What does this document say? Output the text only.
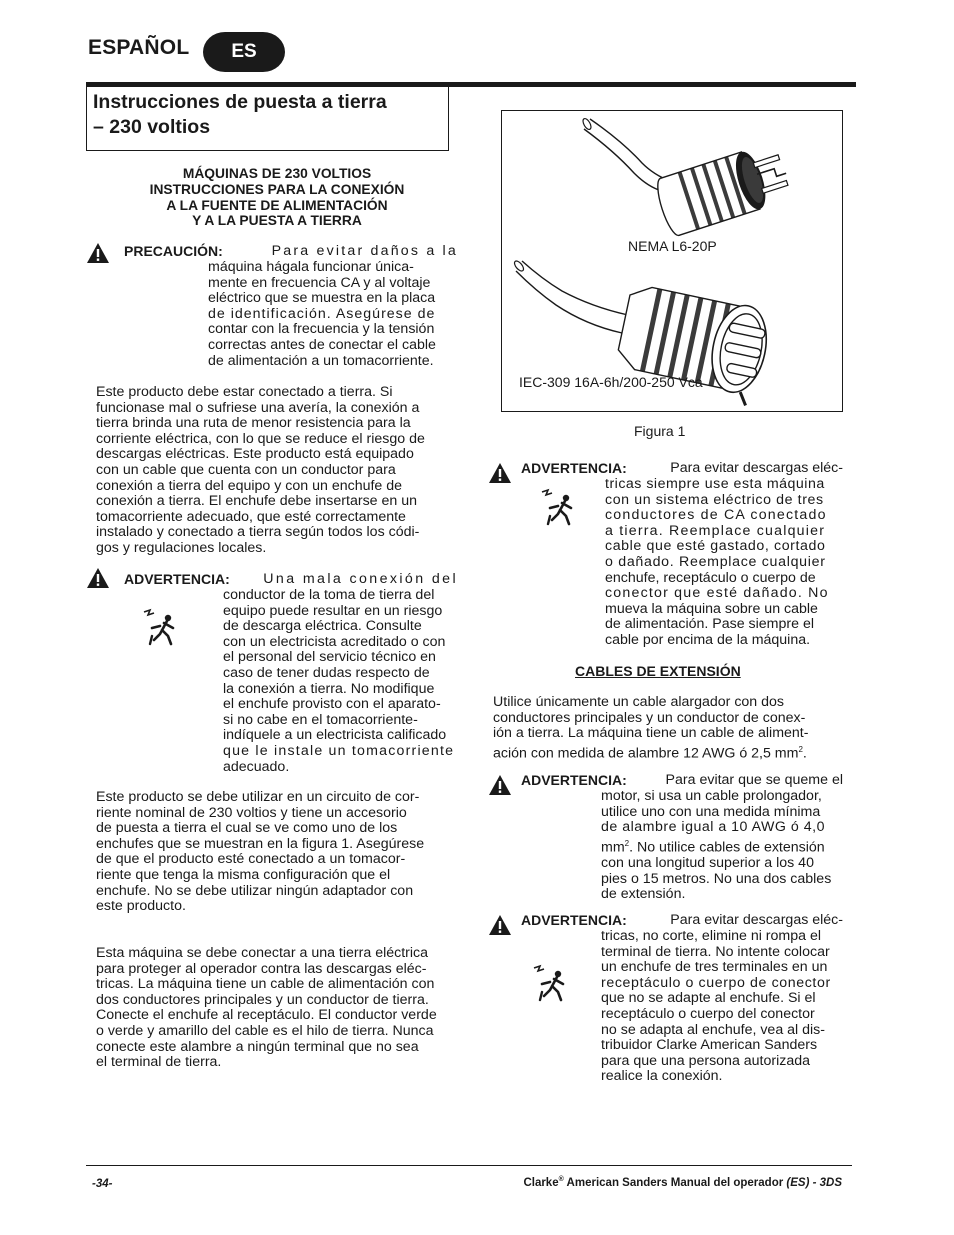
ESPAÑOL	ES
Instrucciones de puesta a tierra
– 230 voltios
MÁQUINAS DE 230 VOLTIOS
INSTRUCCIONES PARA LA CONEXIÓN
A LA FUENTE DE ALIMENTACIÓN
Y A LA PUESTA A TIERRA
PRECAUCIÓN:	Para evitar daños a la
máquina hágala funcionar única-
mente en frecuencia CA y al voltaje
eléctrico que se muestra en la placa
de identificación. Asegúrese de
contar con la frecuencia y la tensión
correctas antes de conectar el cable
de alimentación a un tomacorriente.
Este producto debe estar conectado a tierra. Si
funcionase mal o sufriese una avería, la conexión a
tierra brinda una ruta de menor resistencia para la
corriente eléctrica, con lo que se reduce el riesgo de
descargas eléctricas. Este producto está equipado
con un cable que cuenta con un conductor para
conexión a tierra del equipo y con un enchufe de
conexión a tierra. El enchufe debe insertarse en un
tomacorriente adecuado, que esté correctamente
instalado y conectado a tierra según todos los códi-
gos y regulaciones locales.
ADVERTENCIA: Una mala conexión del
conductor de la toma de tierra del
equipo puede resultar en un riesgo
de descarga eléctrica. Consulte
con un electricista acreditado o con
el personal del servicio técnico en
caso de tener dudas respecto de
la conexión a tierra. No modifique
el enchufe provisto con el aparato-
si no cabe en el tomacorriente-
indíquele a un electricista calificado
que le instale un tomacorriente
adecuado.
Este producto se debe utilizar en un circuito de cor-
riente nominal de 230 voltios y tiene un accesorio
de puesta a tierra el cual se ve como uno de los
enchufes que se muestran en la figura 1. Asegúrese
de que el producto esté conectado a un tomacor-
riente que tenga la misma configuración que el
enchufe. No se debe utilizar ningún adaptador con
este producto.
Esta máquina se debe conectar a una tierra eléctrica
para proteger al operador contra las descargas eléc-
tricas. La máquina tiene un cable de alimentación con
dos conductores principales y un conductor de tierra.
Conecte el enchufe al receptáculo. El conductor verde
o verde y amarillo del cable es el hilo de tierra. Nunca
conecte este alambre a ningún terminal que no sea
el terminal de tierra.
NEMA L6-20P
IEC-309 16A-6h/200-250 Vca
Figura 1
ADVERTENCIA:	Para evitar descargas eléc-
tricas siempre use esta máquina
con un sistema eléctrico de tres
conductores de CA conectado
a tierra. Reemplace cualquier
cable que esté gastado, cortado
o dañado. Reemplace cualquier
enchufe, receptáculo o cuerpo de
conector que esté dañado. No
mueva la máquina sobre un cable
de alimentación. Pase siempre el
cable por encima de la máquina.
CABLES DE EXTENSIÓN
Utilice únicamente un cable alargador con dos
conductores principales y un conductor de conex-
ión a tierra. La máquina tiene un cable de aliment-
ación con medida de alambre 12 AWG ó 2,5 $mm^2$.
ADVERTENCIA:	Para evitar que se queme el
motor, si usa un cable prolongador,
utilice uno con una medida mínima
de alambre igual a 10 AWG ó 4,0
$mm^2$. No utilice cables de extensión
con una longitud superior a los 40
pies o 15 metros. No una dos cables
de extensión.
ADVERTENCIA:	Para evitar descargas eléc-
tricas, no corte, elimine ni rompa el
terminal de tierra. No intente colocar
un enchufe de tres terminales en un
receptáculo o cuerpo de conector
que no se adapte al enchufe. Si el
receptáculo o cuerpo del conector
no se adapta al enchufe, vea al dis-
tribuidor Clarke American Sanders
para que una persona autorizada
realice la conexión.
-34-	Clarke® American Sanders Manual del operador (ES) - 3DS
